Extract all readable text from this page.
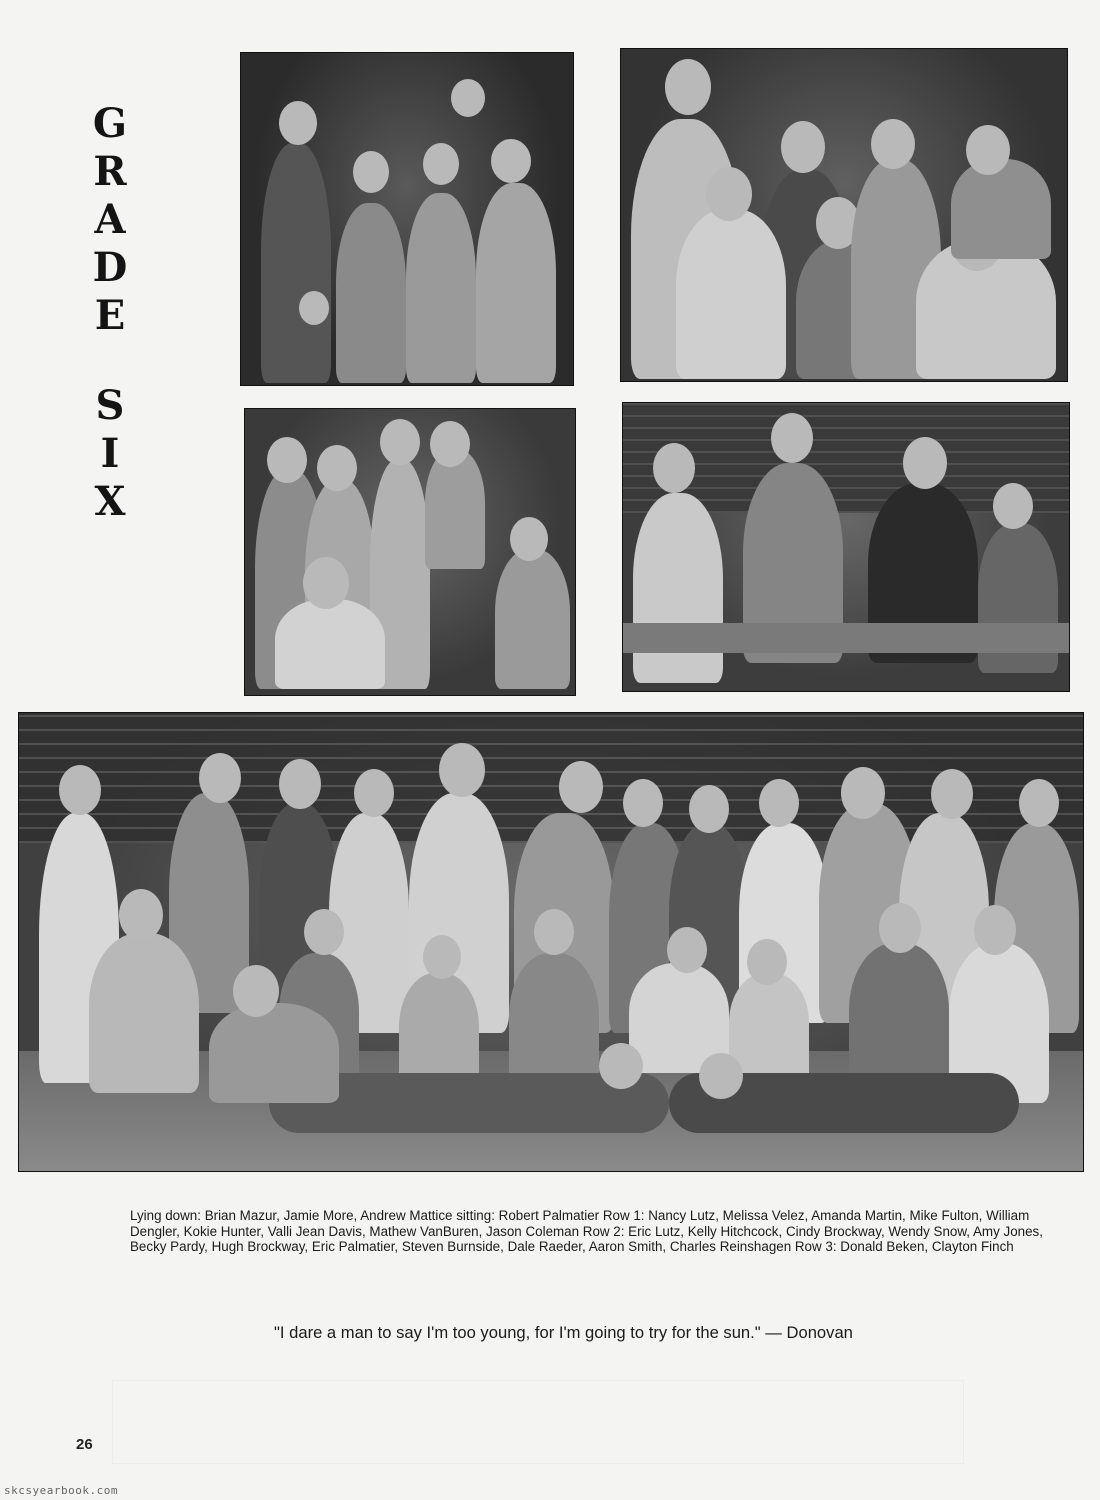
G
R
A
D
E
S
I
X
Lying down: Brian Mazur, Jamie More, Andrew Mattice sitting: Robert Palmatier Row 1: Nancy Lutz, Melissa Velez, Amanda Martin, Mike Fulton, William Dengler, Kokie Hunter, Valli Jean Davis, Mathew VanBuren, Jason Coleman Row 2: Eric Lutz, Kelly Hitchcock, Cindy Brockway, Wendy Snow, Amy Jones, Becky Pardy, Hugh Brockway, Eric Palmatier, Steven Burnside, Dale Raeder, Aaron Smith, Charles Reinshagen Row 3: Donald Beken, Clayton Finch
"I dare a man to say I'm too young, for I'm going to try for the sun." — Donovan
26
skcsyearbook.com
